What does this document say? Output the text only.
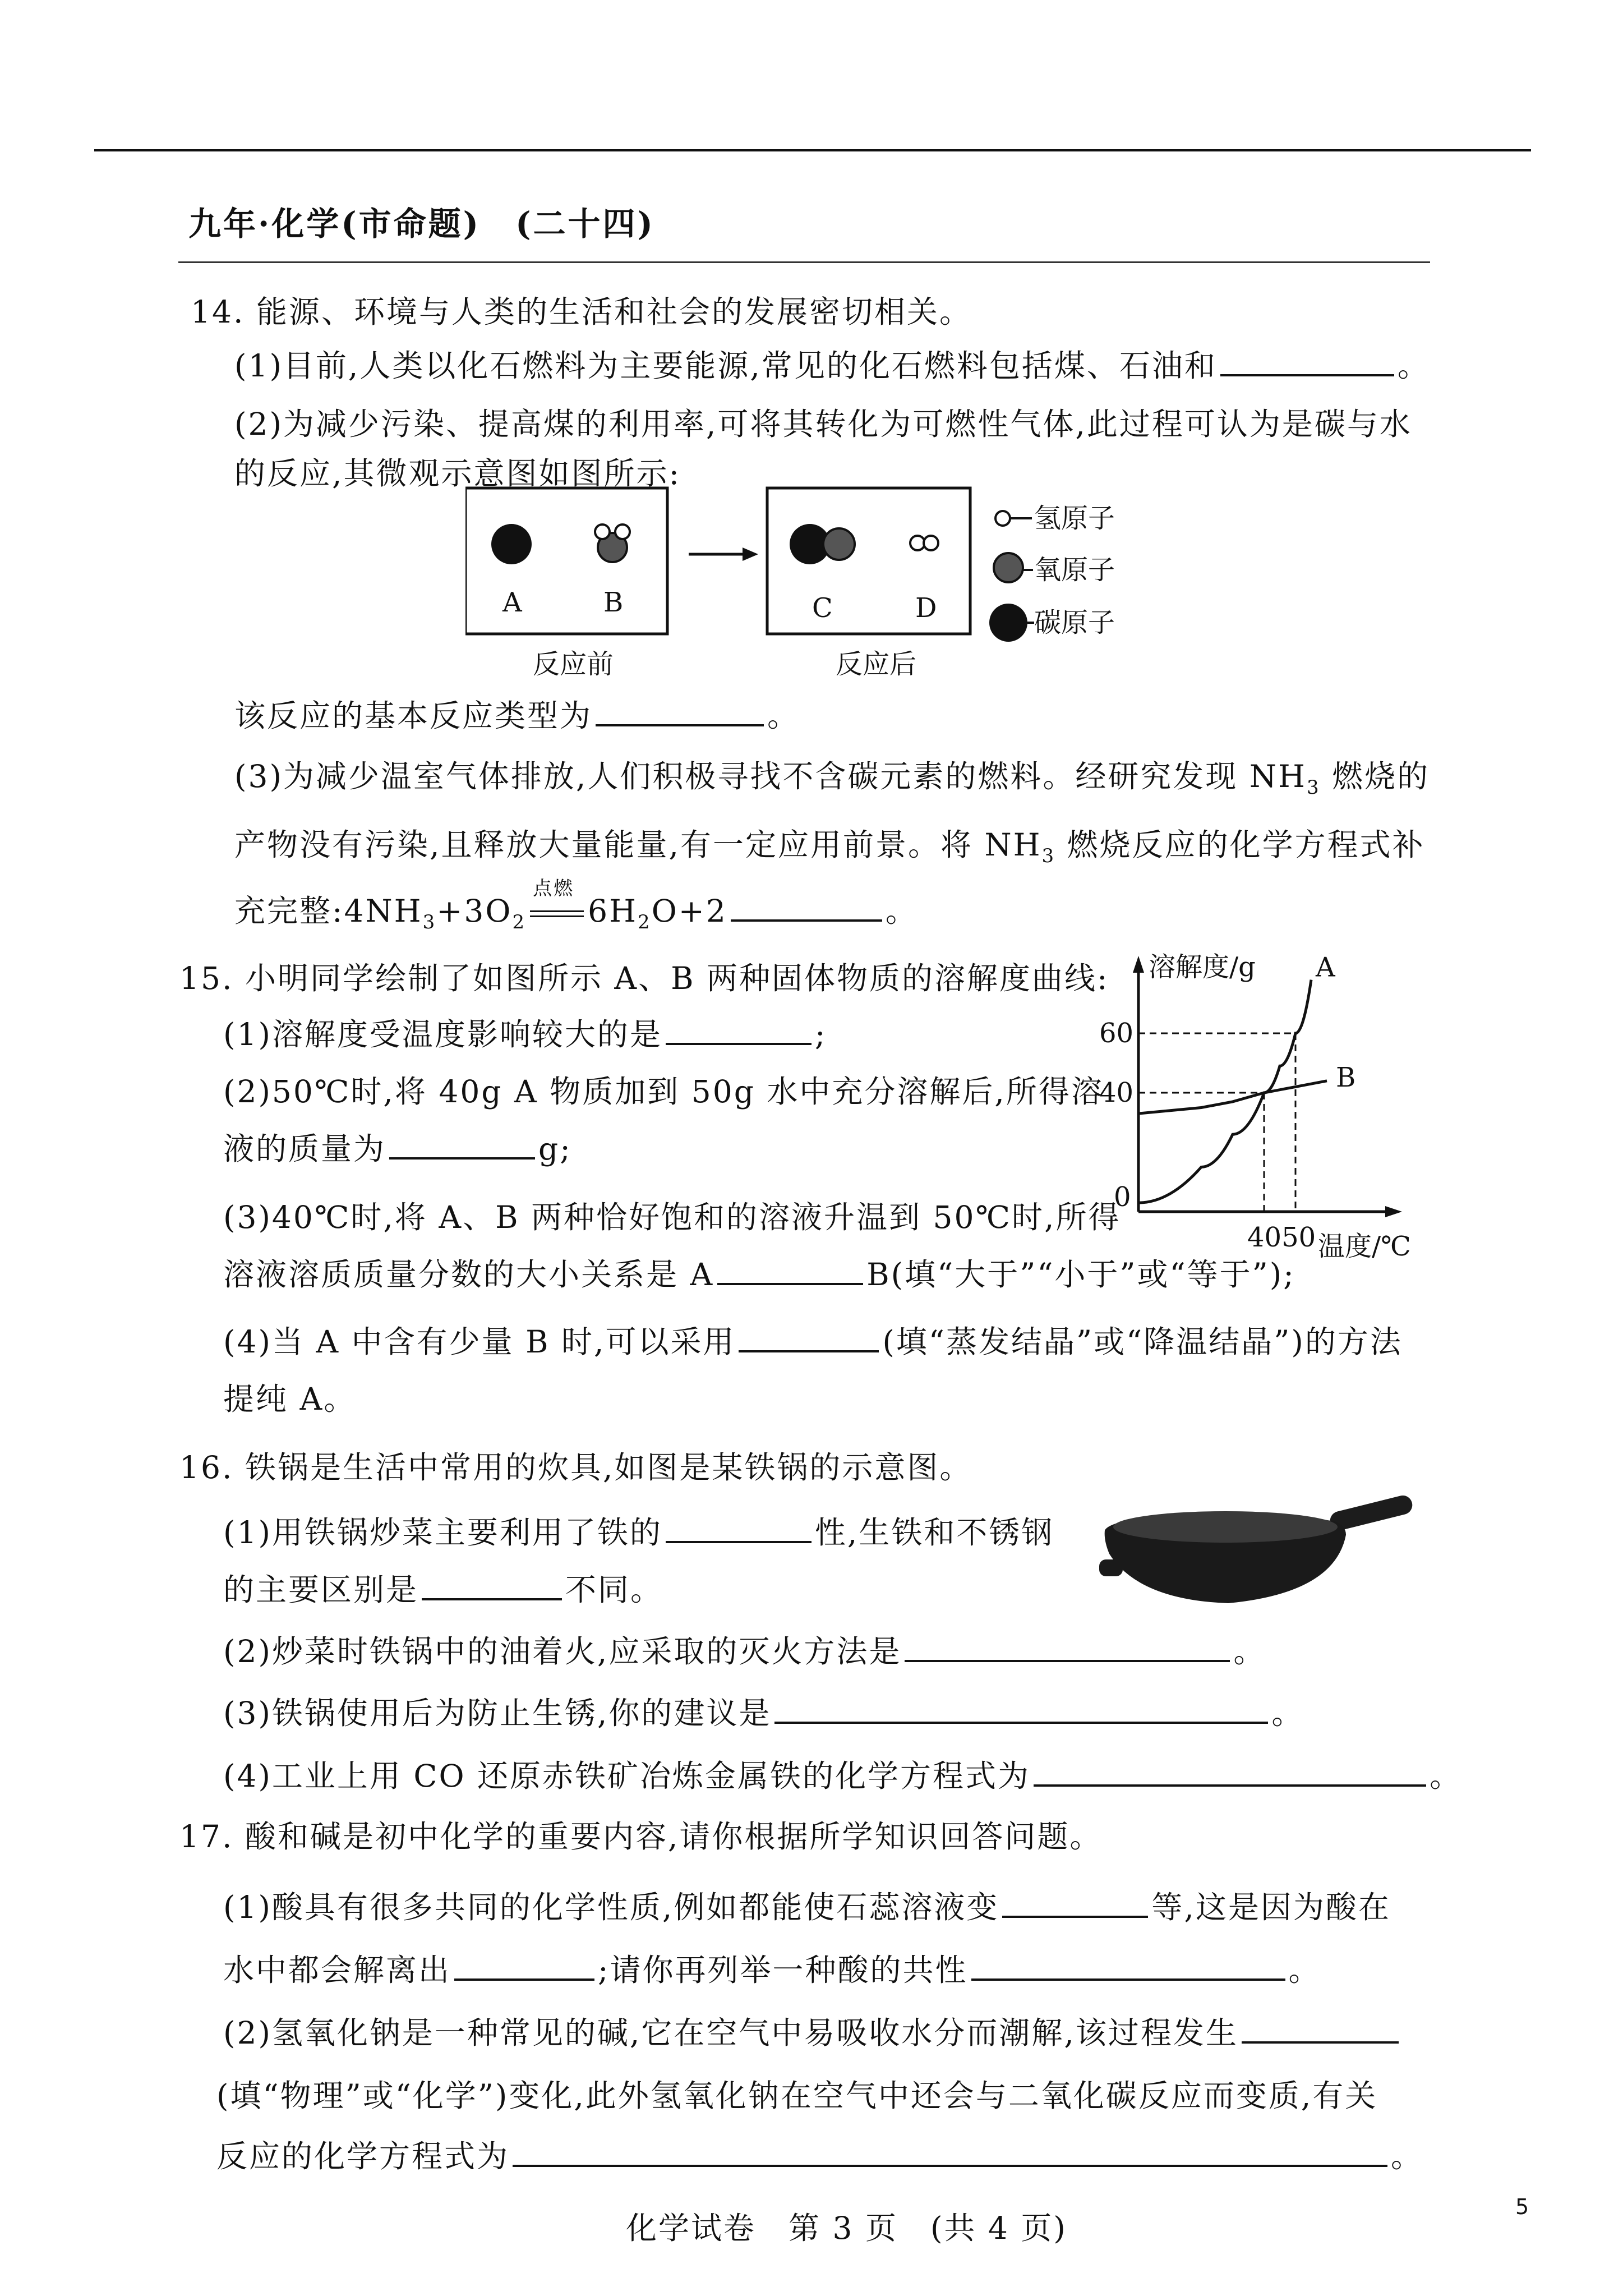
九年·化学(市命题)　(二十四)
14. 能源、环境与人类的生活和社会的发展密切相关。
(1)目前,人类以化石燃料为主要能源,常见的化石燃料包括煤、石油和	。
(2)为减少污染、提高煤的利用率,可将其转化为可燃性气体,此过程可认为是碳与水
的反应,其微观示意图如图所示:
A	B	C	D
反应前	反应后
氢原子
氧原子
碳原子
该反应的基本反应类型为	。
(3)为减少温室气体排放,人们积极寻找不含碳元素的燃料。经研究发现 $NH_3$ 燃烧的
产物没有污染,且释放大量能量,有一定应用前景。将 $NH_3$ 燃烧反应的化学方程式补
充完整$:4NH_3+3O_2$
点燃
$6H_2O+2$	。
15. 小明同学绘制了如图所示 A、B 两种固体物质的溶解度曲线:
(1)溶解度受温度影响较大的是	;
(2)50℃时,将 40g A 物质加到 50g 水中充分溶解后,所得溶
液的质量为	g;
(3)40℃时,将 A、B 两种恰好饱和的溶液升温到 50℃时,所得
溶液溶质质量分数的大小关系是 A	B(填“大于”“小于”或“等于”);
(4)当 A 中含有少量 B 时,可以采用	(填“蒸发结晶”或“降温结晶”)的方法
提纯 A。
溶解度/g
温度/℃
0
A
B
40
60
4050
16. 铁锅是生活中常用的炊具,如图是某铁锅的示意图。
(1)用铁锅炒菜主要利用了铁的	性,生铁和不锈钢
的主要区别是	不同。
(2)炒菜时铁锅中的油着火,应采取的灭火方法是	。
(3)铁锅使用后为防止生锈,你的建议是	。
(4)工业上用 CO 还原赤铁矿冶炼金属铁的化学方程式为	。
17. 酸和碱是初中化学的重要内容,请你根据所学知识回答问题。
(1)酸具有很多共同的化学性质,例如都能使石蕊溶液变	等,这是因为酸在
水中都会解离出	;请你再列举一种酸的共性	。
(2)氢氧化钠是一种常见的碱,它在空气中易吸收水分而潮解,该过程发生
(填“物理”或“化学”)变化,此外氢氧化钠在空气中还会与二氧化碳反应而变质,有关
反应的化学方程式为	。
化学试卷　第 3 页　(共 4 页)
5
